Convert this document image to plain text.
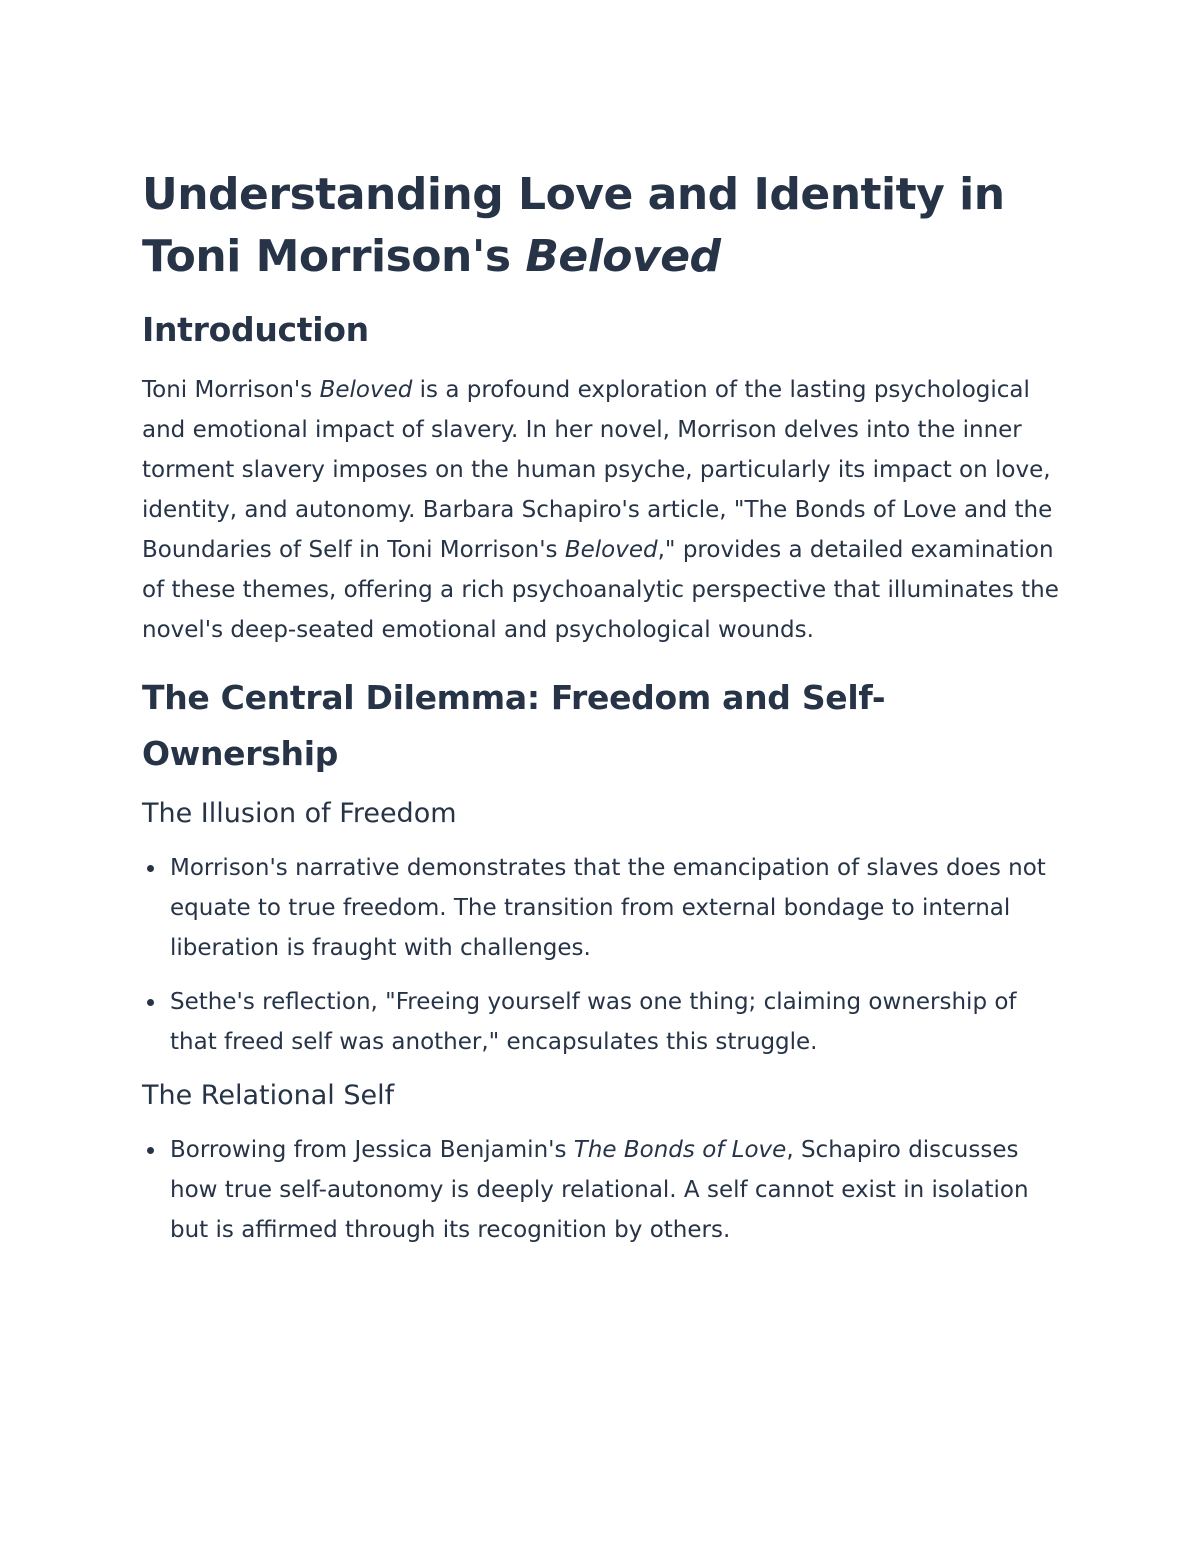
Understanding Love and Identity in Toni Morrison's Beloved
Introduction

Toni Morrison's Beloved is a profound exploration of the lasting psychological and emotional impact of slavery. In her novel, Morrison delves into the inner torment slavery imposes on the human psyche, particularly its impact on love, identity, and autonomy. Barbara Schapiro's article, "The Bonds of Love and the Boundaries of Self in Toni Morrison's Beloved," provides a detailed examination of these themes, offering a rich psychoanalytic perspective that illuminates the novel's deep-seated emotional and psychological wounds.

The Central Dilemma: Freedom and Self-Ownership
The Illusion of Freedom
Morrison's narrative demonstrates that the emancipation of slaves does not equate to true freedom. The transition from external bondage to internal liberation is fraught with challenges.
Sethe's reflection, "Freeing yourself was one thing; claiming ownership of that freed self was another," encapsulates this struggle.
The Relational Self
Borrowing from Jessica Benjamin's The Bonds of Love, Schapiro discusses how true self-autonomy is deeply relational. A self cannot exist in isolation but is affirmed through its recognition by others.
